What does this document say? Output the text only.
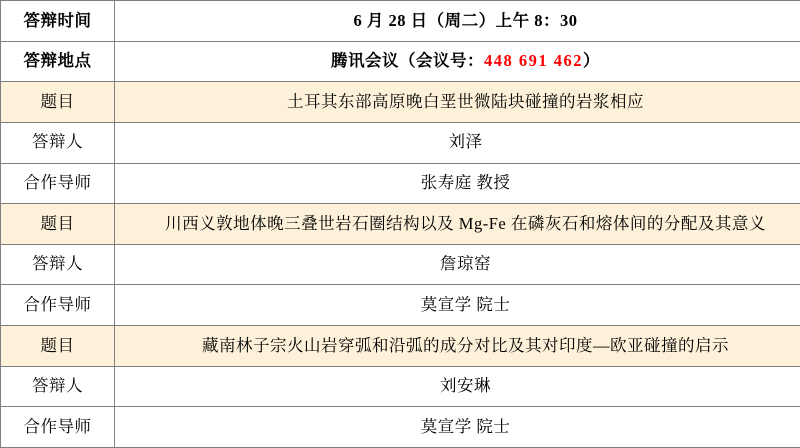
答辩时间	6 月 28 日（周二）上午 8：30
答辩地点	腾讯会议（会议号：448 691 462）
题目	土耳其东部高原晚白垩世微陆块碰撞的岩浆相应
答辩人	刘泽
合作导师	张寿庭 教授
题目	川西义敦地体晚三叠世岩石圈结构以及 Mg-Fe 在磷灰石和熔体间的分配及其意义
答辩人	詹琼窑
合作导师	莫宣学 院士
题目	藏南林子宗火山岩穿弧和沿弧的成分对比及其对印度—欧亚碰撞的启示
答辩人	刘安琳
合作导师	莫宣学 院士
